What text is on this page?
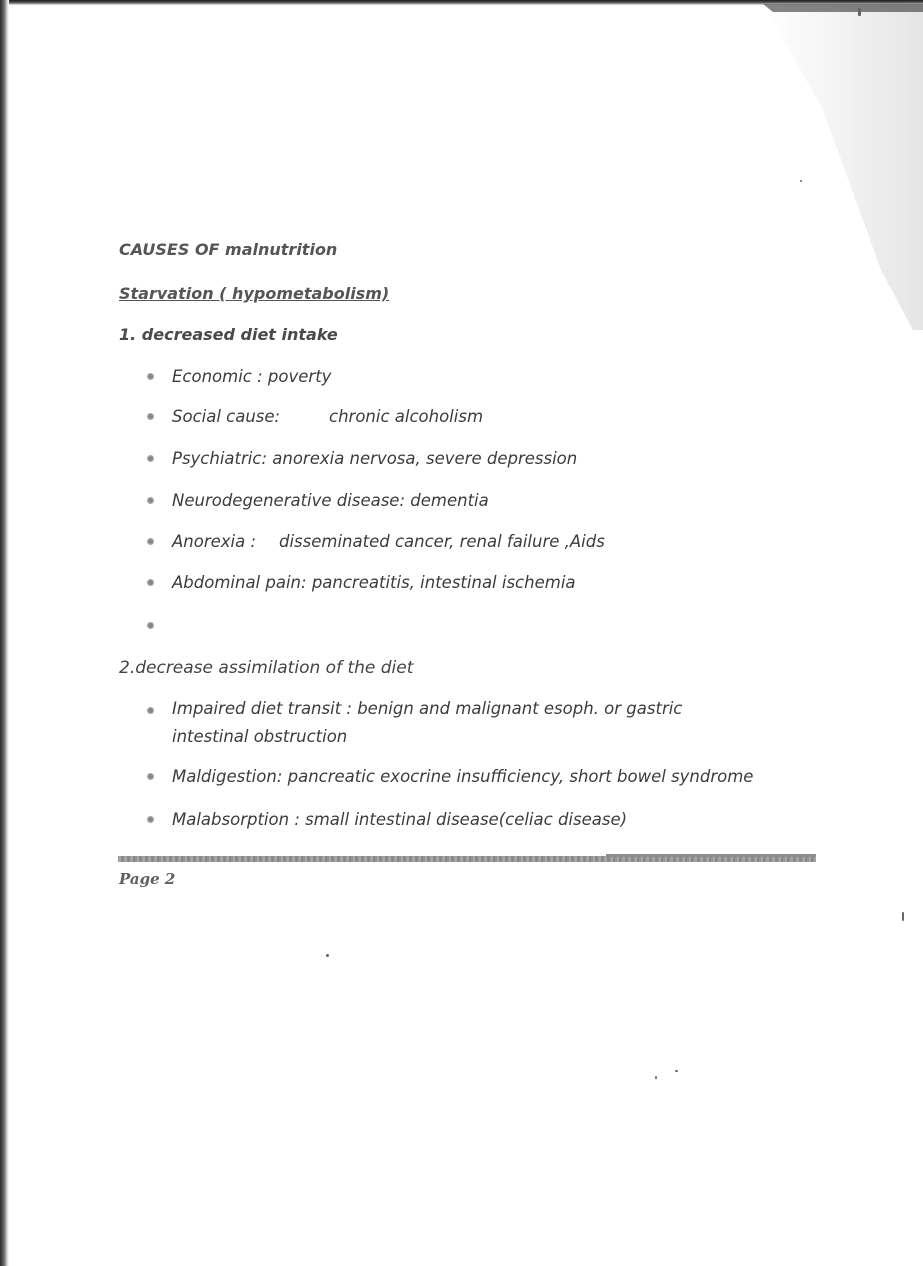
CAUSES OF malnutrition

Starvation ( hypometabolism)

1. decreased diet intake

Economic : poverty
Social cause:	chronic alcoholism
Psychiatric: anorexia nervosa, severe depression
Neurodegenerative disease: dementia
Anorexia : disseminated cancer, renal failure ,Aids
Abdominal pain: pancreatitis, intestinal ischemia

2.decrease assimilation of the diet

Impaired diet transit : benign and malignant esoph. or gastric intestinal obstruction
Maldigestion: pancreatic exocrine insufficiency, short bowel syndrome
Malabsorption : small intestinal disease(celiac disease)
Page 2
